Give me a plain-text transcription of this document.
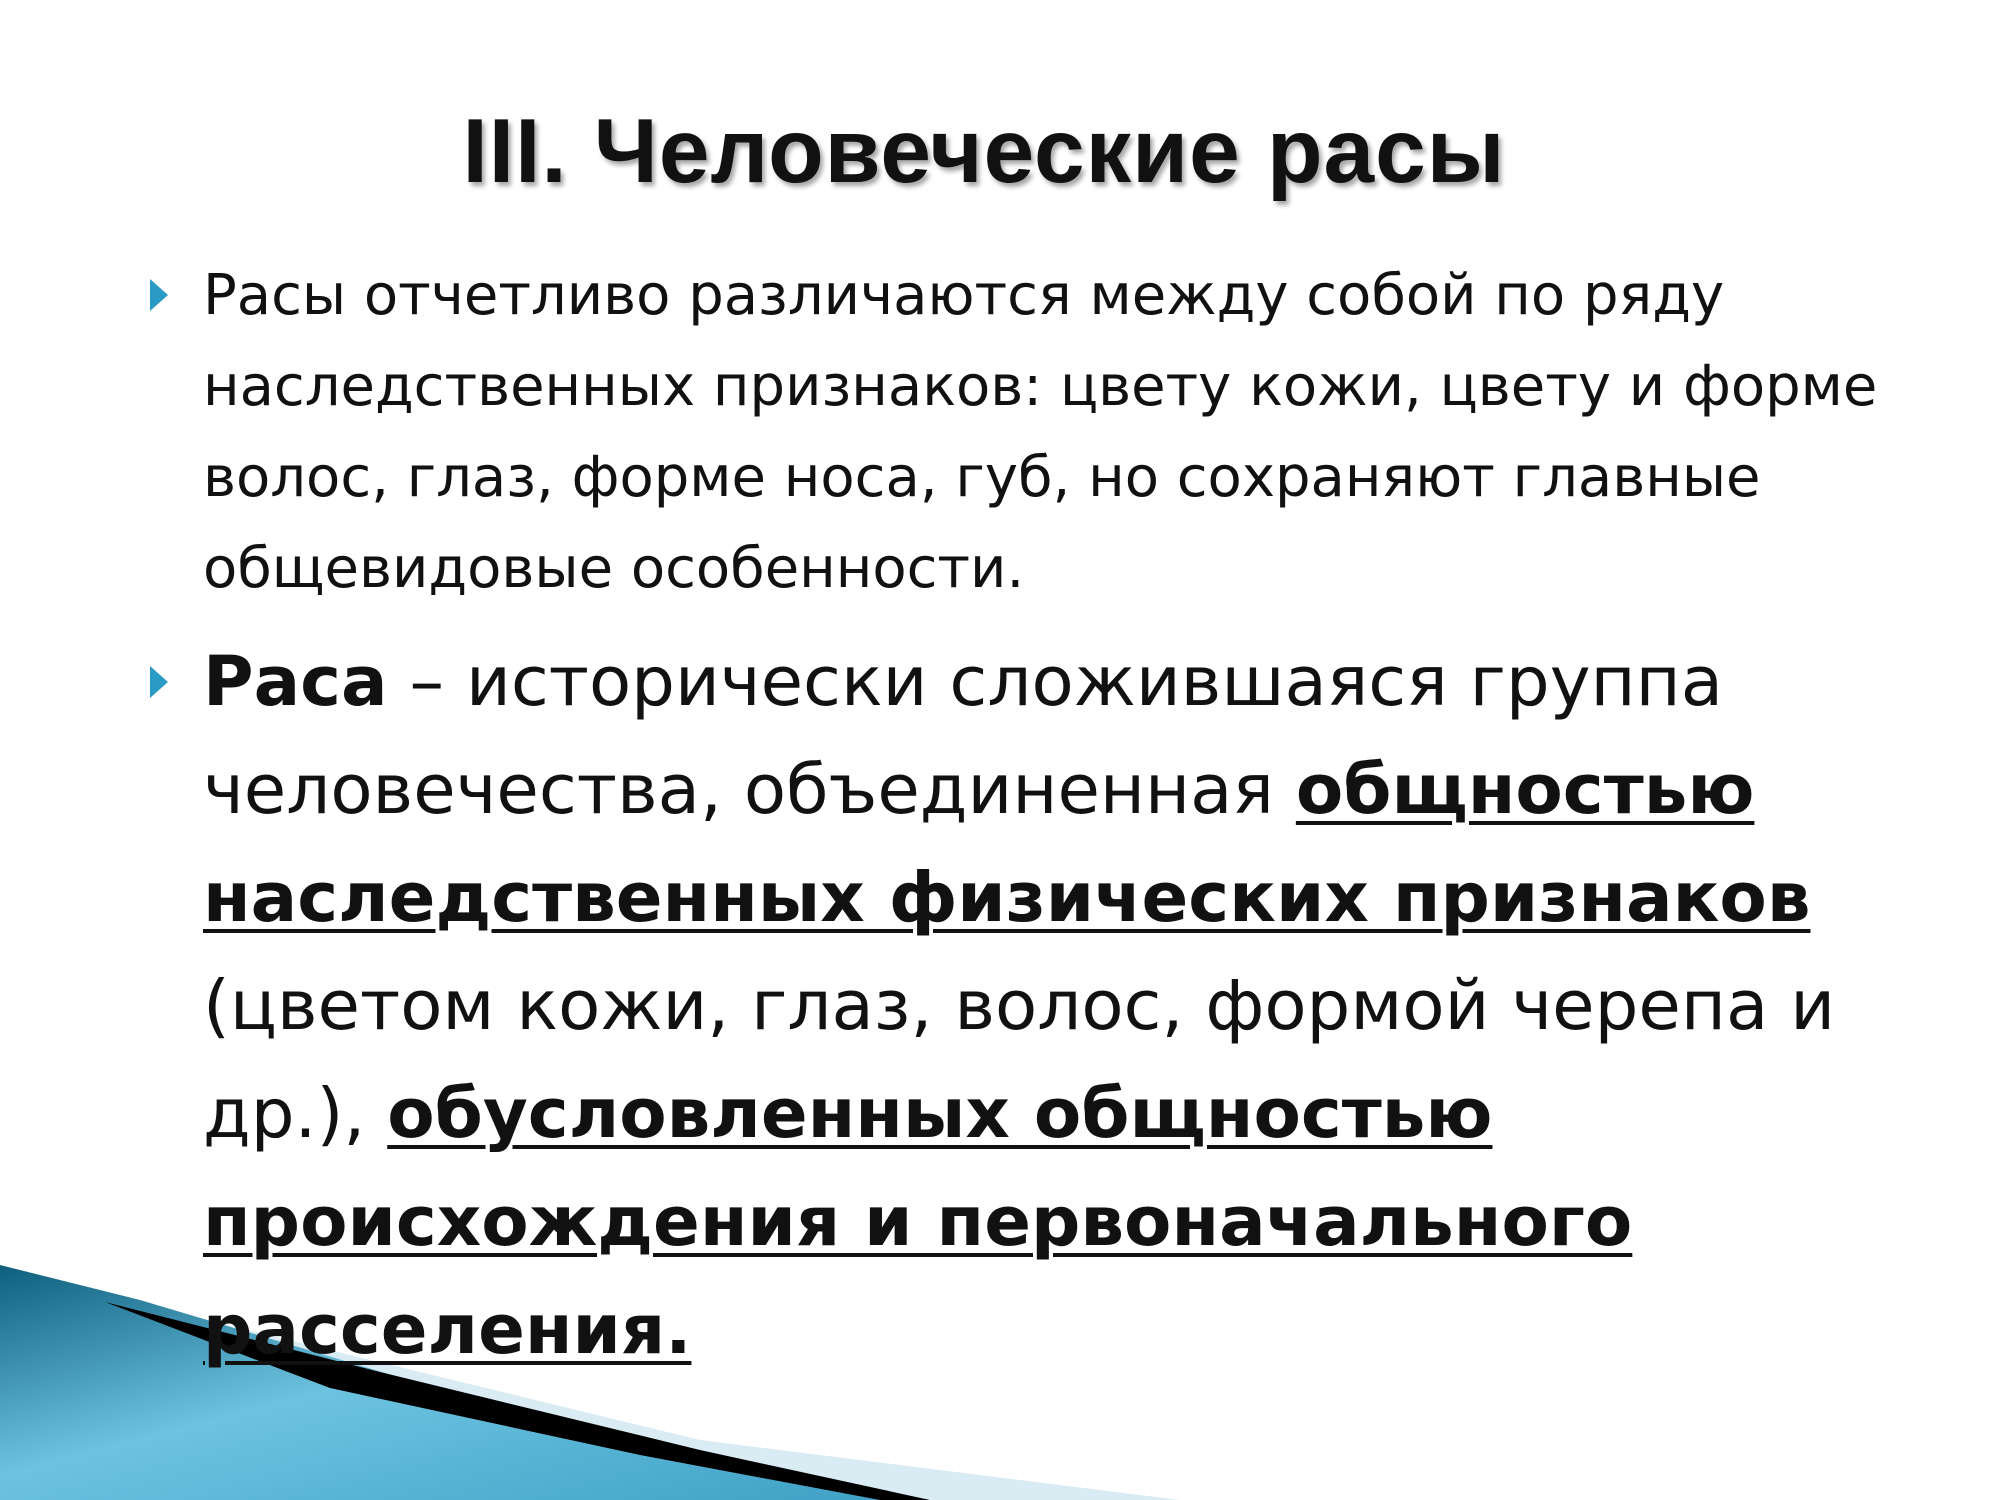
III. Человеческие расы
Расы отчетливо различаются между собой по ряду наследственных признаков: цвету кожи, цвету и форме волос, глаз, форме носа, губ, но сохраняют главные общевидовые особенности.
Раса – исторически сложившаяся группа человечества, объединенная общностью наследственных физических признаков (цветом кожи, глаз, волос, формой черепа и др.), обусловленных общностью происхождения и первоначального расселения.
